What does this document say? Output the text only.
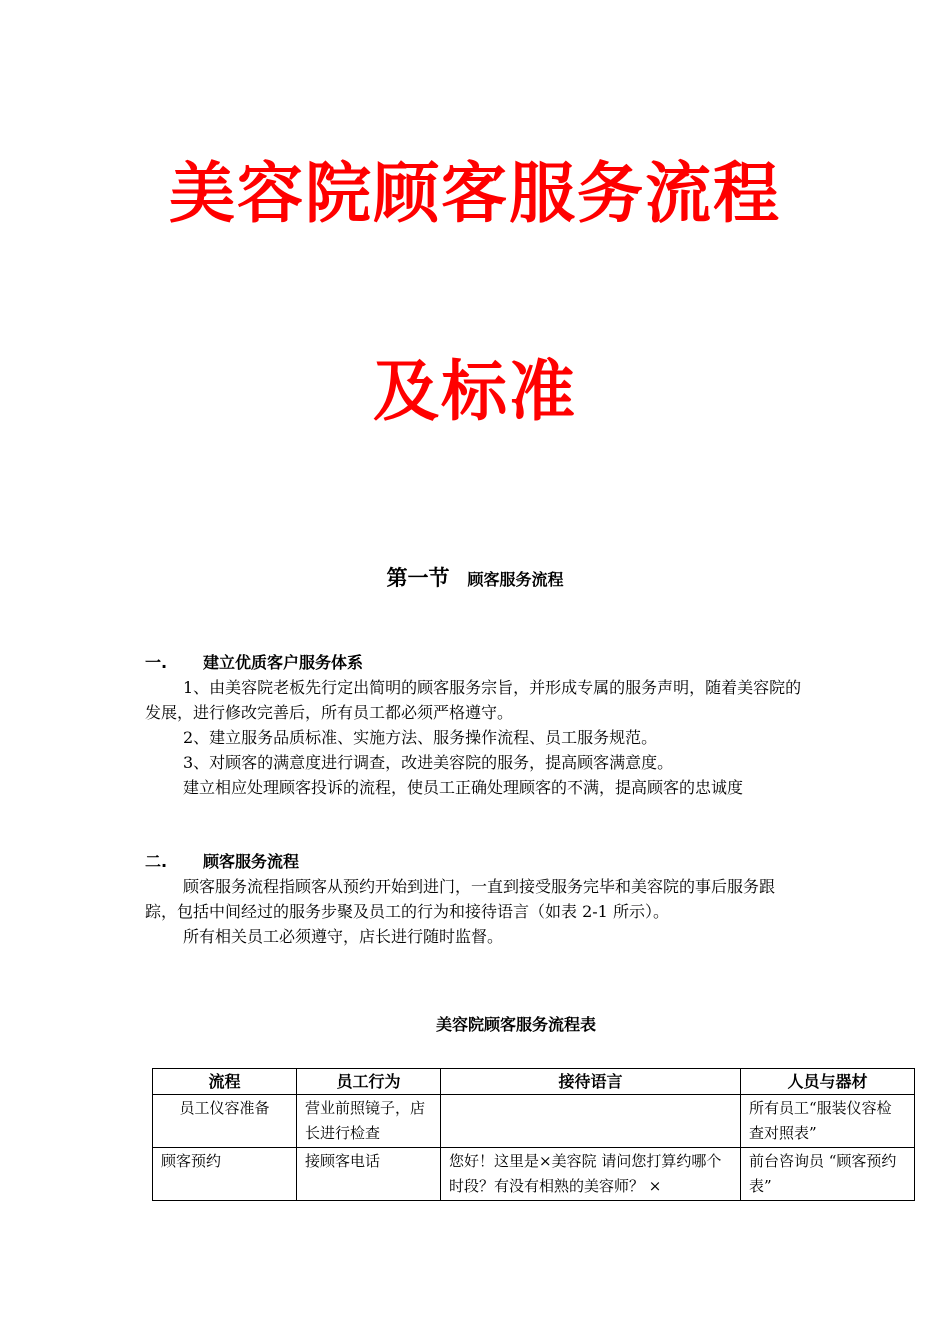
美容院顾客服务流程
及标准
第一节 顾客服务流程
一. 建立优质客户服务体系

1、由美容院老板先行定出简明的顾客服务宗旨，并形成专属的服务声明，随着美容院的发展，进行修改完善后，所有员工都必须严格遵守。

2、建立服务品质标准、实施方法、服务操作流程、员工服务规范。

3、对顾客的满意度进行调查，改进美容院的服务，提高顾客满意度。

建立相应处理顾客投诉的流程，使员工正确处理顾客的不满，提高顾客的忠诚度

二. 顾客服务流程

顾客服务流程指顾客从预约开始到进门，一直到接受服务完毕和美容院的事后服务跟踪，包括中间经过的服务步聚及员工的行为和接待语言（如表 2-1 所示）。

所有相关员工必须遵守，店长进行随时监督。

美容院顾客服务流程表
流程	员工行为	接待语言	人员与器材
员工仪容准备	营业前照镜子，店长进行检查		所有员工“服装仪容检查对照表”
顾客预约	接顾客电话	您好！这里是×美容院 请问您打算约哪个时段？有没有相熟的美容师？ ×	前台咨询员 “顾客预约表”
